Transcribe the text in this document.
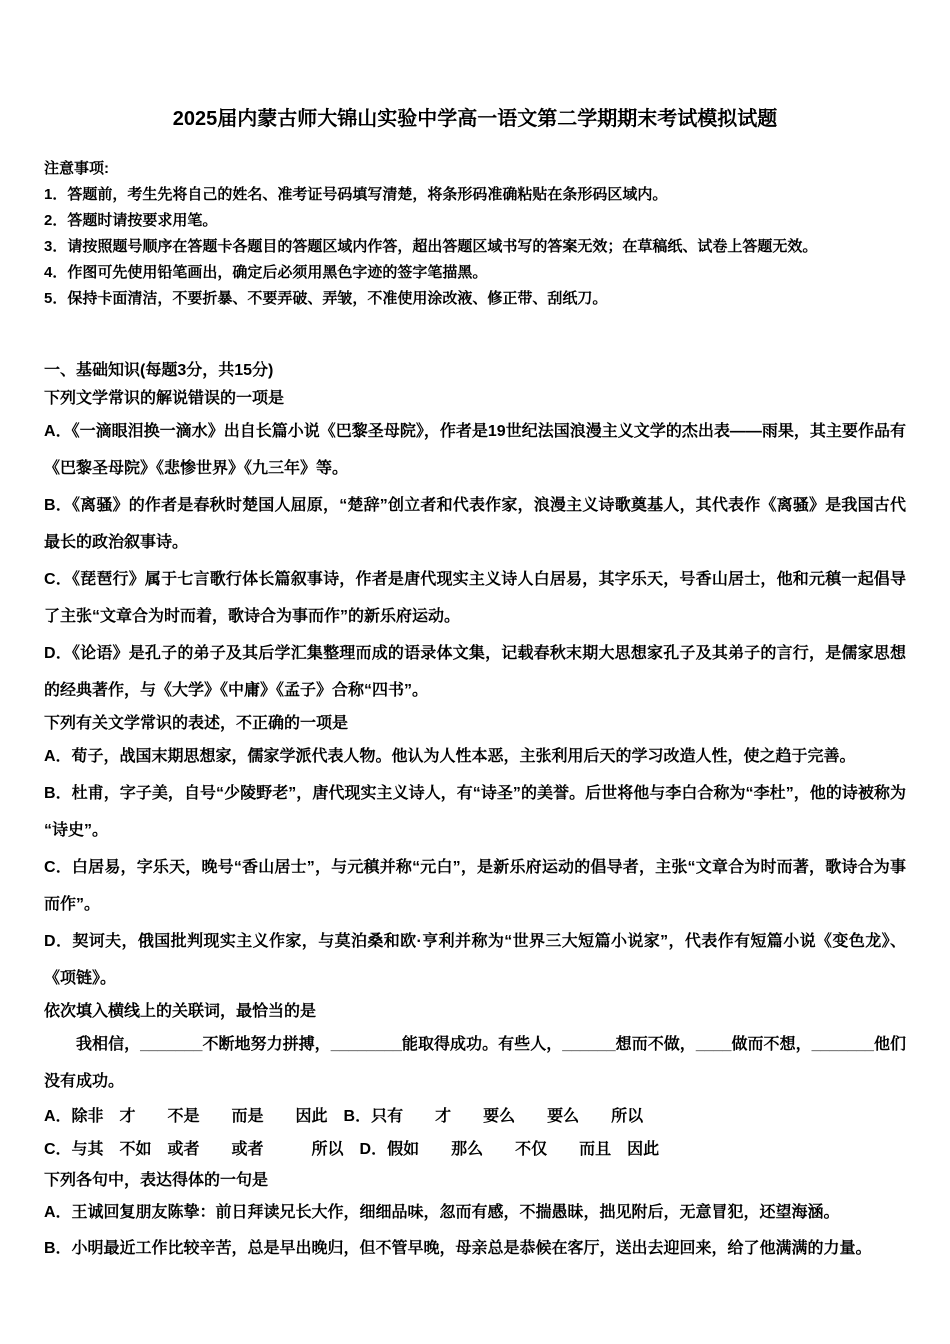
2025届内蒙古师大锦山实验中学高一语文第二学期期末考试模拟试题

注意事项:

1．答题前，考生先将自己的姓名、准考证号码填写清楚，将条形码准确粘贴在条形码区域内。

2．答题时请按要求用笔。

3．请按照题号顺序在答题卡各题目的答题区域内作答，超出答题区域书写的答案无效；在草稿纸、试卷上答题无效。

4．作图可先使用铅笔画出，确定后必须用黑色字迹的签字笔描黑。

5．保持卡面清洁，不要折暴、不要弄破、弄皱，不准使用涂改液、修正带、刮纸刀。

一、基础知识(每题3分，共15分)

下列文学常识的解说错误的一项是

A．《一滴眼泪换一滴水》出自长篇小说《巴黎圣母院》，作者是19世纪法国浪漫主义文学的杰出表——雨果，其主要作品有《巴黎圣母院》《悲惨世界》《九三年》等。

B．《离骚》的作者是春秋时楚国人屈原，“楚辞”创立者和代表作家，浪漫主义诗歌奠基人，其代表作《离骚》是我国古代最长的政治叙事诗。

C．《琵琶行》属于七言歌行体长篇叙事诗，作者是唐代现实主义诗人白居易，其字乐天，号香山居士，他和元稹一起倡导了主张“文章合为时而着，歌诗合为事而作”的新乐府运动。

D．《论语》是孔子的弟子及其后学汇集整理而成的语录体文集，记载春秋末期大思想家孔子及其弟子的言行，是儒家思想的经典著作，与《大学》《中庸》《孟子》合称“四书”。

下列有关文学常识的表述，不正确的一项是

A．荀子，战国末期思想家，儒家学派代表人物。他认为人性本恶，主张利用后天的学习改造人性，使之趋于完善。

B．杜甫，字子美，自号“少陵野老”，唐代现实主义诗人，有“诗圣”的美誉。后世将他与李白合称为“李杜”，他的诗被称为“诗史”。

C．白居易，字乐天，晚号“香山居士”，与元稹并称“元白”，是新乐府运动的倡导者，主张“文章合为时而著，歌诗合为事而作”。

D．契诃夫，俄国批判现实主义作家，与莫泊桑和欧·亨利并称为“世界三大短篇小说家”，代表作有短篇小说《变色龙》、《项链》。

依次填入横线上的关联词，最恰当的是

我相信，_______不断地努力拼搏，________能取得成功。有些人，______想而不做，____做而不想，_______他们没有成功。

A．除非　才　　不是　　而是　　因此　B．只有　　才　　要么　　要么　　所以

C．与其　不如　或者　　或者　　　所以　D．假如　　那么　　不仅　　而且　因此

下列各句中，表达得体的一句是

A．王诚回复朋友陈挚：前日拜读兄长大作，细细品味，忽而有感，不揣愚昧，拙见附后，无意冒犯，还望海涵。

B．小明最近工作比较辛苦，总是早出晚归，但不管早晚，母亲总是恭候在客厅，送出去迎回来，给了他满满的力量。
